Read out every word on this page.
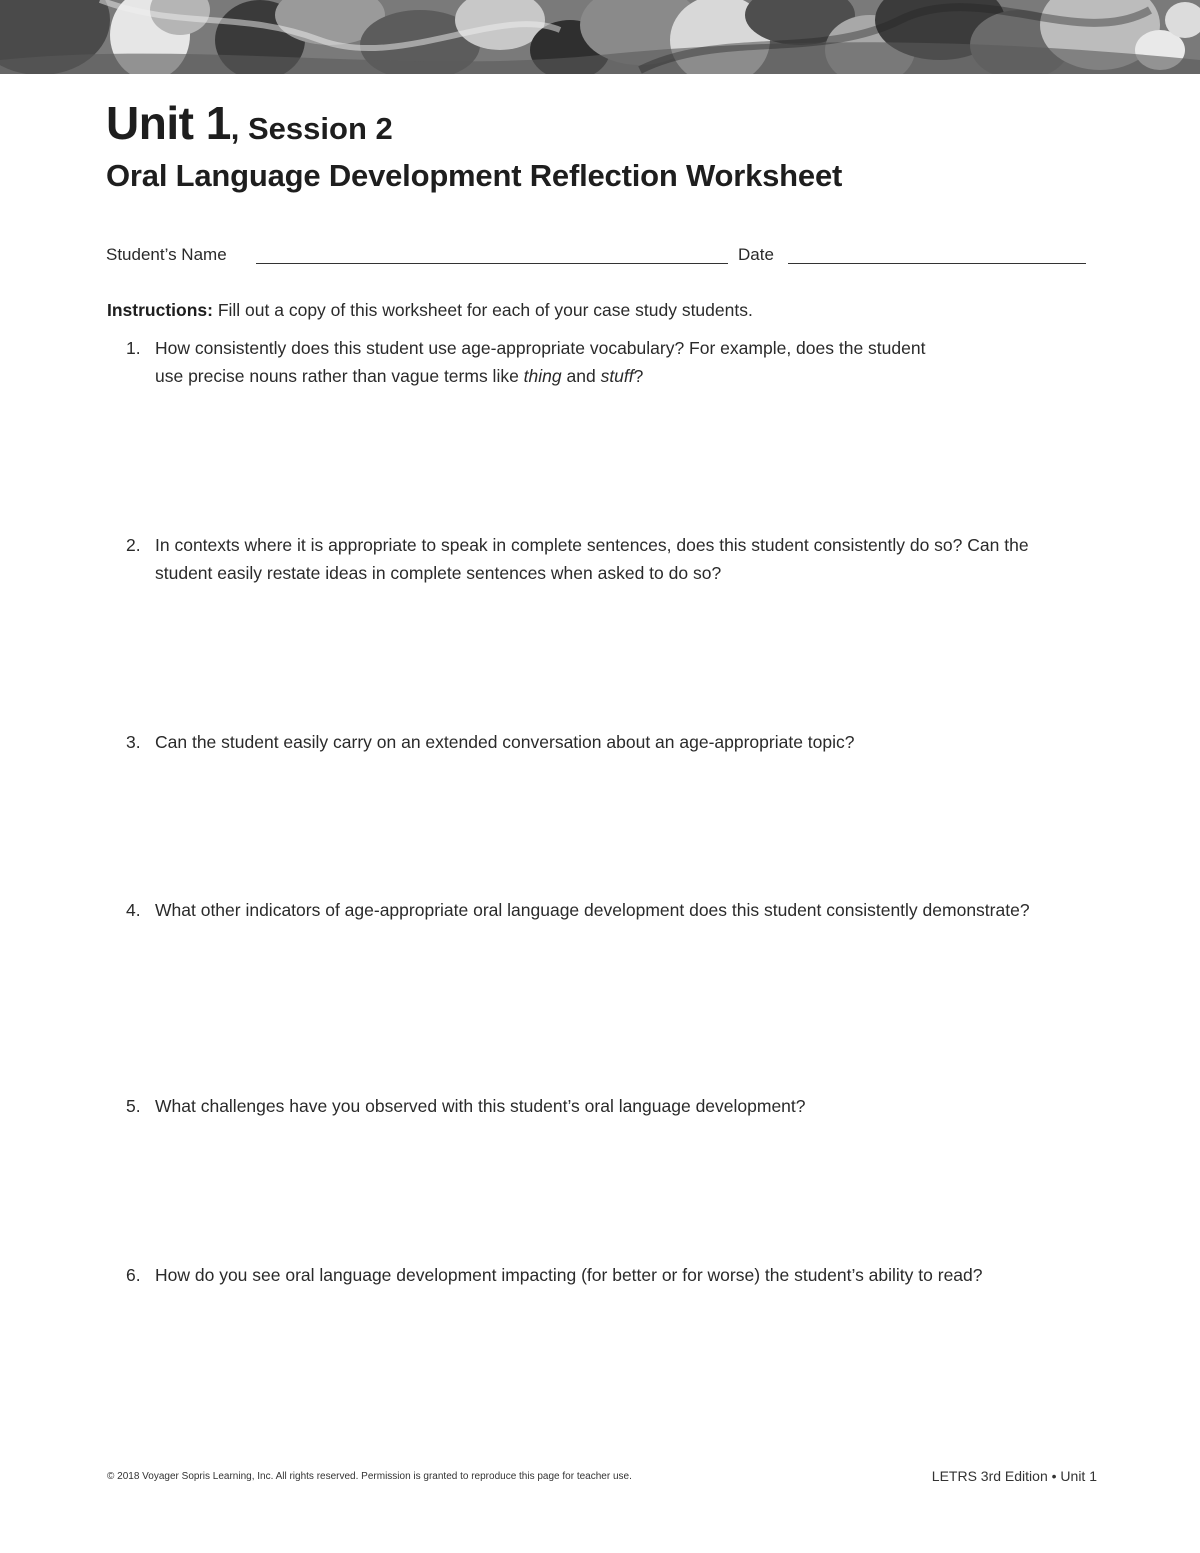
Unit 1, Session 2
Oral Language Development Reflection Worksheet
Student’s Name	Date
Instructions: Fill out a copy of this worksheet for each of your case study students.
1. How consistently does this student use age-appropriate vocabulary? For example, does the student
use precise nouns rather than vague terms like thing and stuff?
2. In contexts where it is appropriate to speak in complete sentences, does this student consistently do so? Can the student easily restate ideas in complete sentences when asked to do so?
3. Can the student easily carry on an extended conversation about an age-appropriate topic?
4. What other indicators of age-appropriate oral language development does this student consistently demonstrate?
5. What challenges have you observed with this student’s oral language development?
6. How do you see oral language development impacting (for better or for worse) the student’s ability to read?
© 2018 Voyager Sopris Learning, Inc. All rights reserved. Permission is granted to reproduce this page for teacher use.	LETRS 3rd Edition • Unit 1
